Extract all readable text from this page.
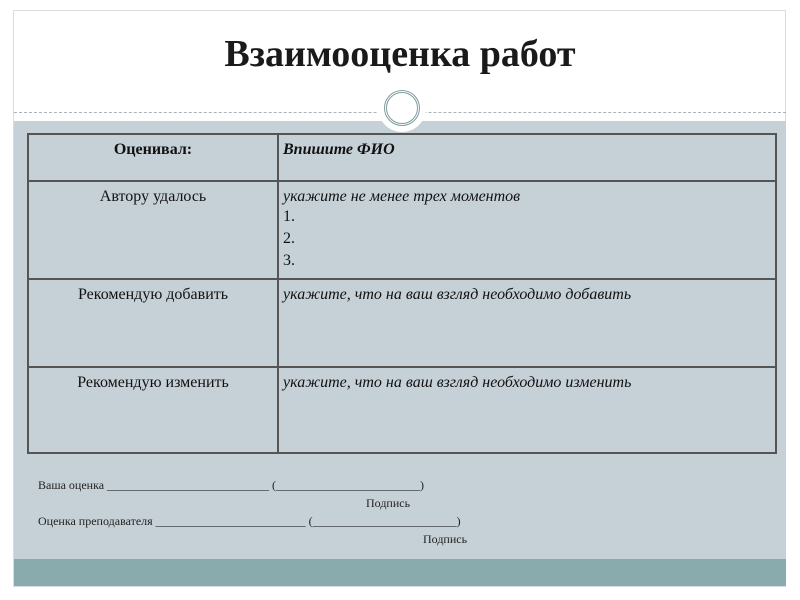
Взаимооценка работ
Оценивал:	Впишите ФИО
Автору удалось	укажите не менее трех моментов
1.
2.
3.

Рекомендую добавить	укажите, что на ваш взгляд необходимо добавить
Рекомендую изменить	укажите, что на ваш взгляд необходимо изменить
Ваша оценка ___________________________ (________________________)
Подпись
Оценка преподавателя _________________________ (________________________)
Подпись
